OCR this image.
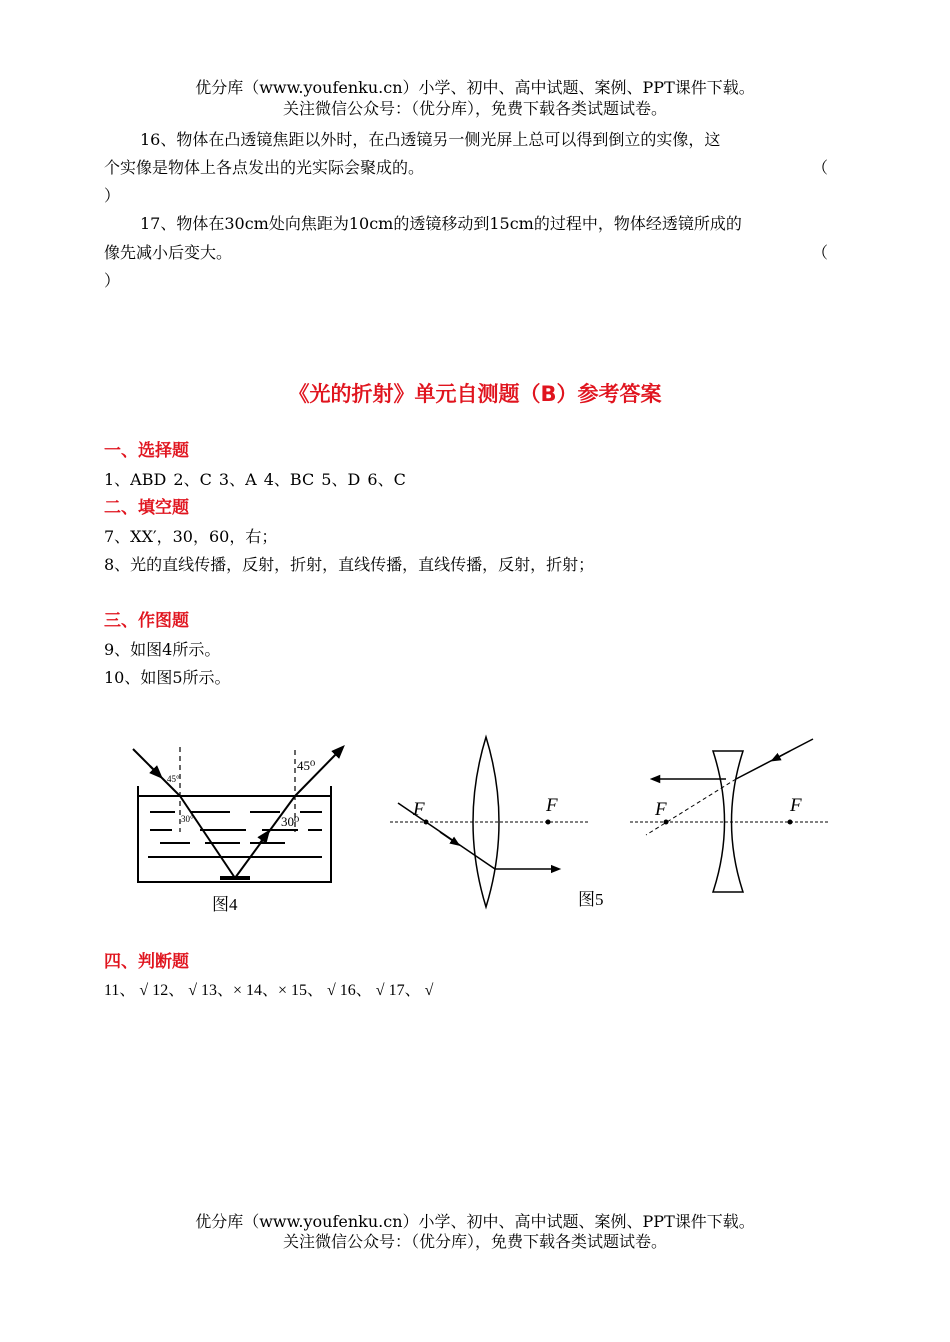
优分库（www.youfenku.cn）小学、初中、高中试题、案例、PPT课件下载。
关注微信公众号：（优分库），免费下载各类试题试卷。
16、物体在凸透镜焦距以外时，在凸透镜另一侧光屏上总可以得到倒立的实像，这
个实像是物体上各点发出的光实际会聚成的。	（
）
17、物体在30cm处向焦距为10cm的透镜移动到15cm的过程中，物体经透镜所成的
像先减小后变大。	（
）
《光的折射》单元自测题（B）参考答案
一、选择题
1、ABD 2、C 3、A 4、BC 5、D 6、C
二、填空题
7、XX′，30，60，右；
8、光的直线传播，反射，折射，直线传播，直线传播，反射，折射；
三、作图题
9、如图4所示。
10、如图5所示。
45°
30°
45⁰
30⁰
图4
F	F
图5
F	F
四、判断题
11、 √ 12、 √ 13、× 14、× 15、 √ 16、 √ 17、 √
优分库（www.youfenku.cn）小学、初中、高中试题、案例、PPT课件下载。
关注微信公众号：（优分库），免费下载各类试题试卷。
